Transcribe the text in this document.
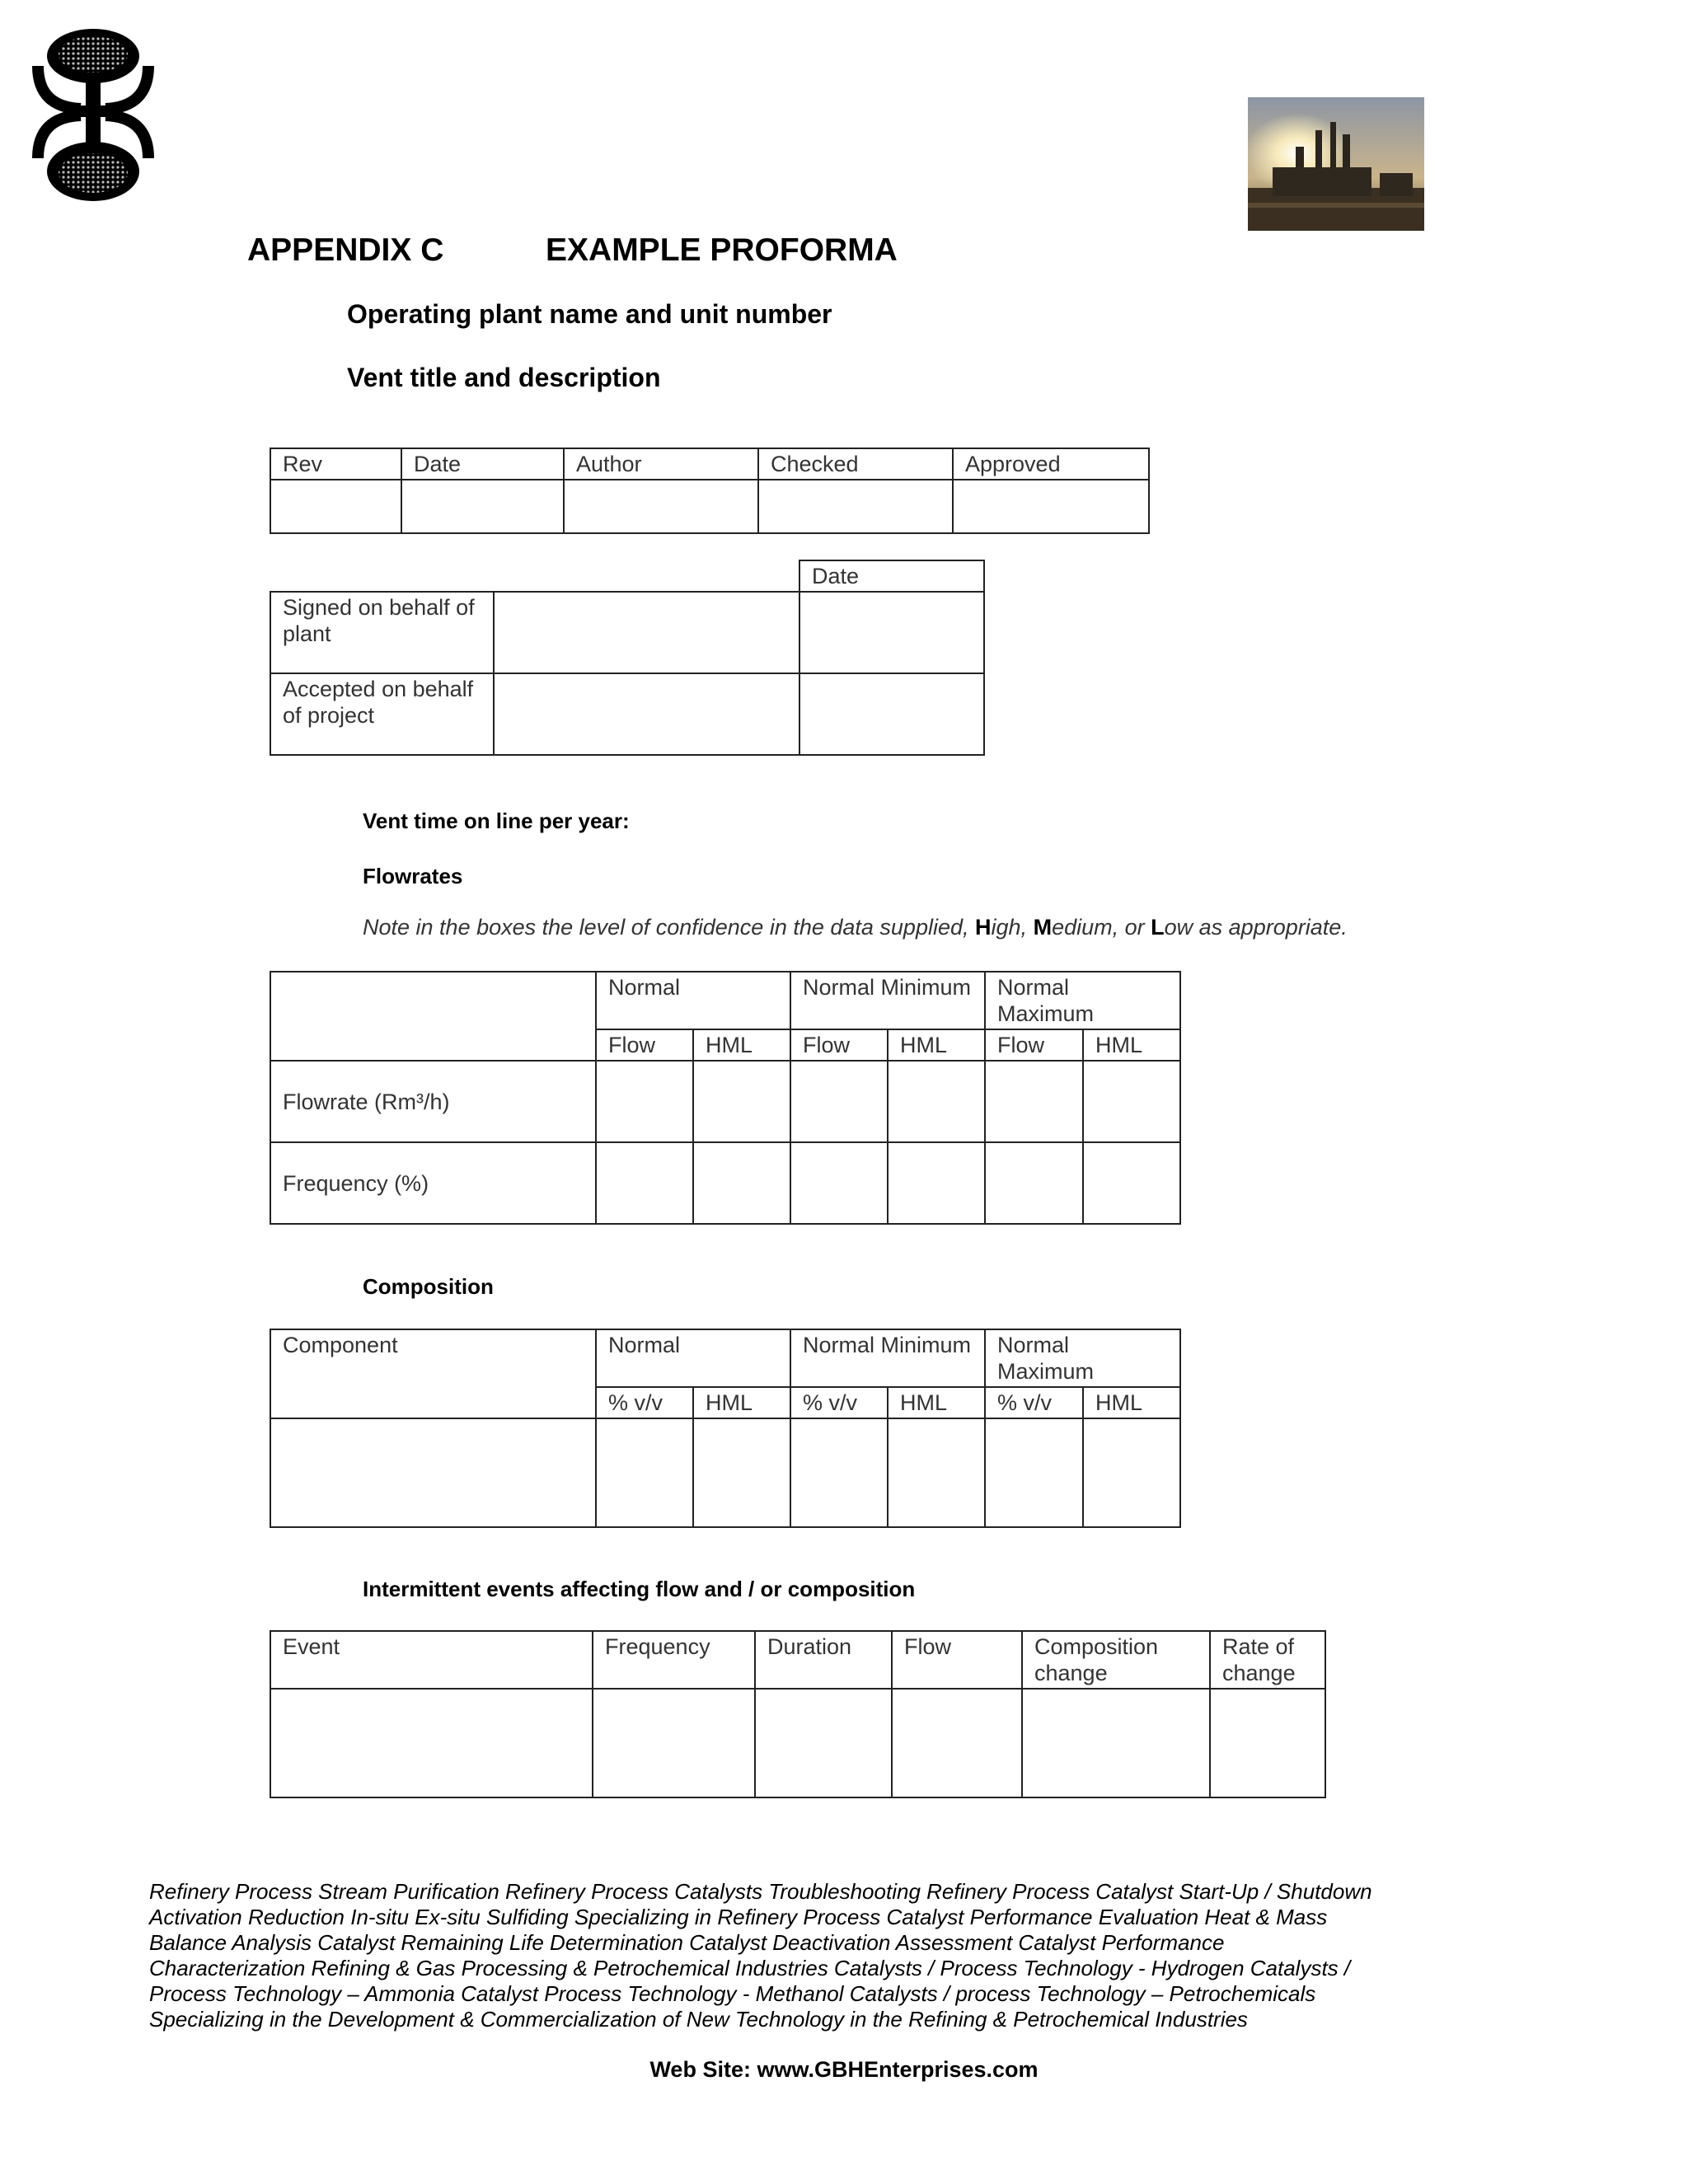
APPENDIX C	EXAMPLE PROFORMA
Operating plant name and unit number
Vent title and description
Rev	Date	Author	Checked	Approved

		Date
Signed on behalf of plant		
Accepted on behalf of project		
Vent time on line per year:
Flowrates
Note in the boxes the level of confidence in the data supplied, High, Medium, or Low as appropriate.
	Normal		Normal Minimum		Normal Maximum	
	Flow	HML	Flow	HML	Flow	HML
Flowrate (Rm³/h)						
Frequency (%)						
Composition
Component	Normal		Normal Minimum		Normal Maximum	
	% v/v	HML	% v/v	HML	% v/v	HML

Intermittent events affecting flow and / or composition
Event	Frequency	Duration	Flow	Composition change	Rate of change

Refinery Process Stream Purification Refinery Process Catalysts Troubleshooting Refinery Process Catalyst Start-Up / Shutdown
Activation Reduction In-situ Ex-situ Sulfiding Specializing in Refinery Process Catalyst Performance Evaluation Heat & Mass
Balance Analysis Catalyst Remaining Life Determination Catalyst Deactivation Assessment Catalyst Performance
Characterization Refining & Gas Processing & Petrochemical Industries Catalysts / Process Technology - Hydrogen Catalysts /
Process Technology – Ammonia Catalyst Process Technology - Methanol Catalysts / process Technology – Petrochemicals
Specializing in the Development & Commercialization of New Technology in the Refining & Petrochemical Industries
Web Site: www.GBHEnterprises.com
